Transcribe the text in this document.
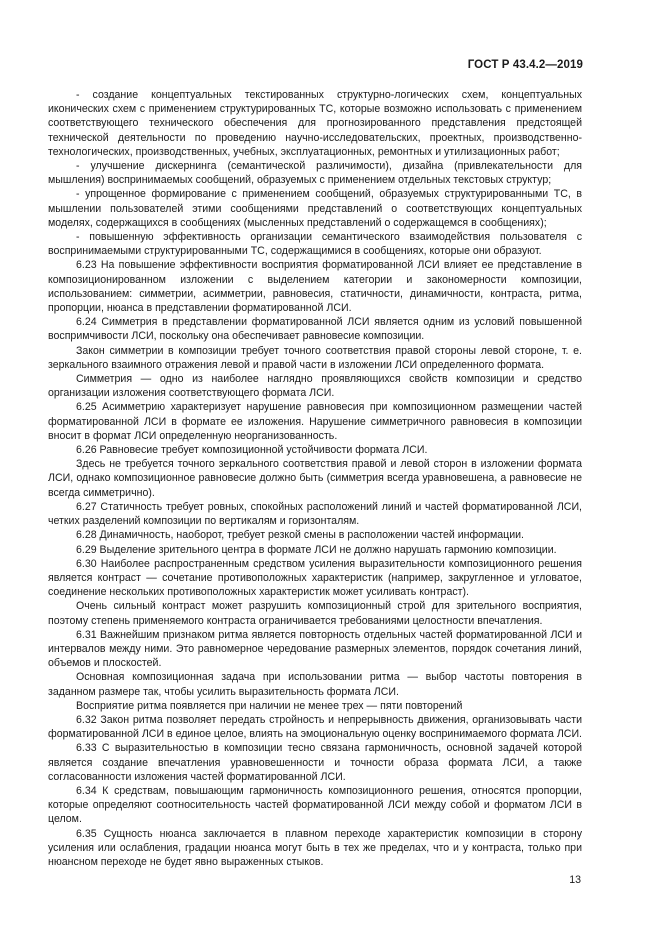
ГОСТ Р 43.4.2—2019

- создание концептуальных текстированных структурно-логических схем, концептуальных иконических схем с применением структурированных ТС, которые возможно использовать с применением соответствующего технического обеспечения для прогнозированного представления предстоящей технической деятельности по проведению научно-исследовательских, проектных, производственно-технологических, производственных, учебных, эксплуатационных, ремонтных и утилизационных работ;

- улучшение дискернинга (семантической различимости), дизайна (привлекательности для мышления) воспринимаемых сообщений, образуемых с применением отдельных текстовых структур;

- упрощенное формирование с применением сообщений, образуемых структурированными ТС, в мышлении пользователей этими сообщениями представлений о соответствующих концептуальных моделях, содержащихся в сообщениях (мысленных представлений о содержащемся в сообщениях);

- повышенную эффективность организации семантического взаимодействия пользователя с воспринимаемыми структурированными ТС, содержащимися в сообщениях, которые они образуют.

6.23 На повышение эффективности восприятия форматированной ЛСИ влияет ее представление в композиционированном изложении с выделением категории и закономерности композиции, использованием: симметрии, асимметрии, равновесия, статичности, динамичности, контраста, ритма, пропорции, нюанса в представлении форматированной ЛСИ.

6.24 Симметрия в представлении форматированной ЛСИ является одним из условий повышенной воспримчивости ЛСИ, поскольку она обеспечивает равновесие композиции.

Закон симметрии в композиции требует точного соответствия правой стороны левой стороне, т. е. зеркального взаимного отражения левой и правой части в изложении ЛСИ определенного формата.

Симметрия — одно из наиболее наглядно проявляющихся свойств композиции и средство организации изложения соответствующего формата ЛСИ.

6.25 Асимметрию характеризует нарушение равновесия при композиционном размещении частей форматированной ЛСИ в формате ее изложения. Нарушение симметричного равновесия в композиции вносит в формат ЛСИ определенную неорганизованность.

6.26 Равновесие требует композиционной устойчивости формата ЛСИ.

Здесь не требуется точного зеркального соответствия правой и левой сторон в изложении формата ЛСИ, однако композиционное равновесие должно быть (симметрия всегда уравновешена, а равновесие не всегда симметрично).

6.27 Статичность требует ровных, спокойных расположений линий и частей форматированной ЛСИ, четких разделений композиции по вертикалям и горизонталям.

6.28 Динамичность, наоборот, требует резкой смены в расположении частей информации.

6.29 Выделение зрительного центра в формате ЛСИ не должно нарушать гармонию композиции.

6.30 Наиболее распространенным средством усиления выразительности композиционного решения является контраст — сочетание противоположных характеристик (например, закругленное и угловатое, соединение нескольких противоположных характеристик может усиливать контраст).

Очень сильный контраст может разрушить композиционный строй для зрительного восприятия, поэтому степень применяемого контраста ограничивается требованиями целостности впечатления.

6.31 Важнейшим признаком ритма является повторность отдельных частей форматированной ЛСИ и интервалов между ними. Это равномерное чередование размерных элементов, порядок сочетания линий, объемов и плоскостей.

Основная композиционная задача при использовании ритма — выбор частоты повторения в заданном размере так, чтобы усилить выразительность формата ЛСИ.

Восприятие ритма появляется при наличии не менее трех — пяти повторений

6.32 Закон ритма позволяет передать стройность и непрерывность движения, организовывать части форматированной ЛСИ в единое целое, влиять на эмоциональную оценку воспринимаемого формата ЛСИ.

6.33 С выразительностью в композиции тесно связана гармоничность, основной задачей которой является создание впечатления уравновешенности и точности образа формата ЛСИ, а также согласованности изложения частей форматированной ЛСИ.

6.34 К средствам, повышающим гармоничность композиционного решения, относятся пропорции, которые определяют соотносительность частей форматированной ЛСИ между собой и форматом ЛСИ в целом.

6.35 Сущность нюанса заключается в плавном переходе характеристик композиции в сторону усиления или ослабления, градации нюанса могут быть в тех же пределах, что и у контраста, только при нюансном переходе не будет явно выраженных стыков.

13
